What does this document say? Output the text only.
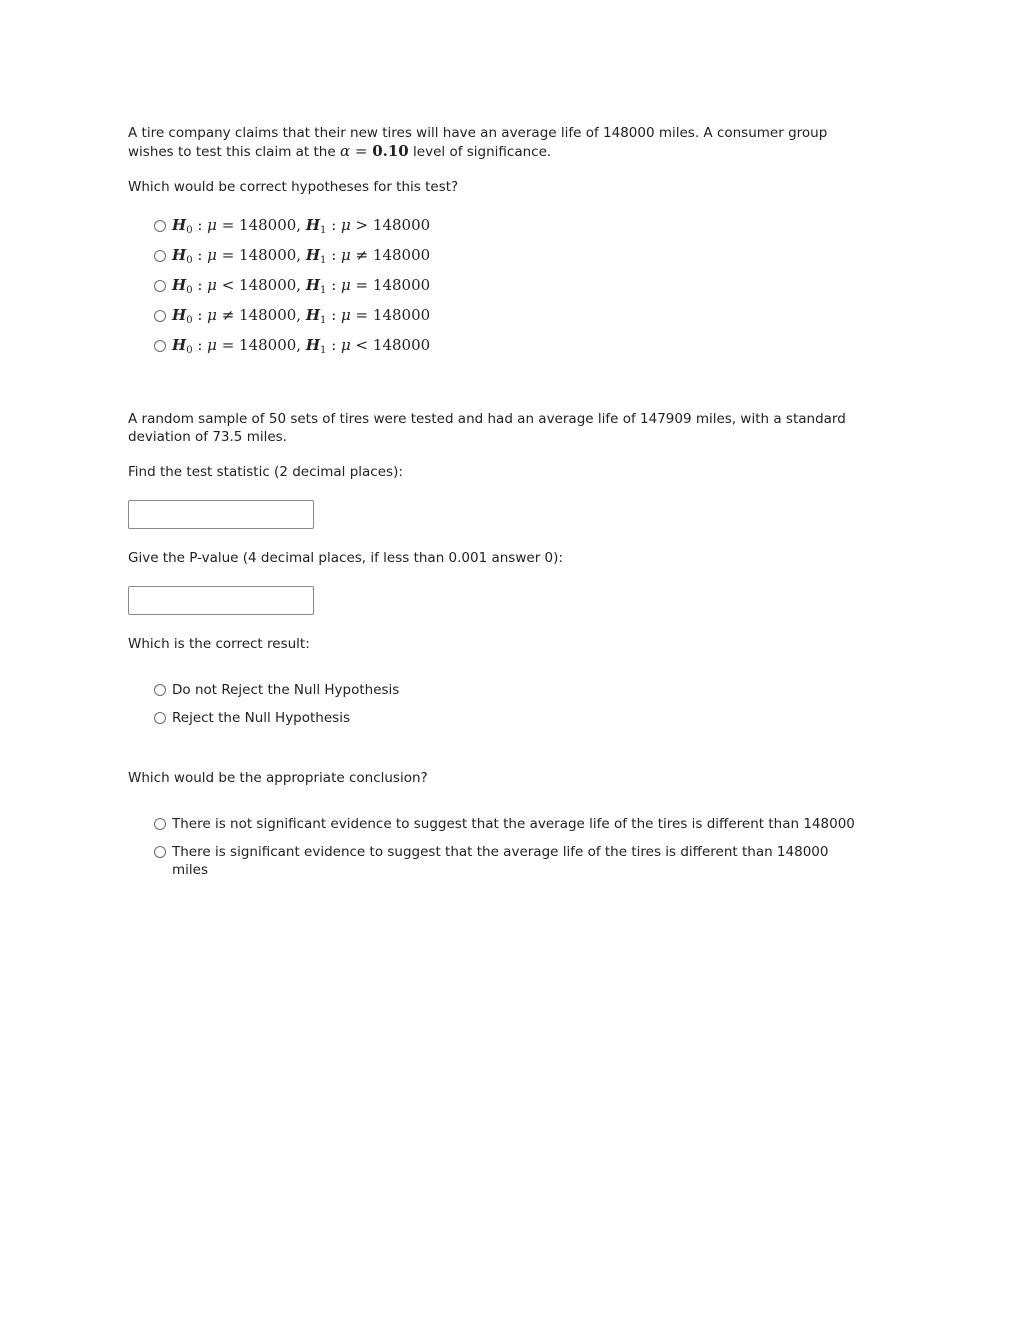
A tire company claims that their new tires will have an average life of 148000 miles. A consumer group wishes to test this claim at the α = 0.10 level of significance.

Which would be correct hypotheses for this test?

$H_0$ : μ = 148000, $H_1$ : μ > 148000
$H_0$ : μ = 148000, $H_1$ : μ ≠ 148000
$H_0$ : μ < 148000, $H_1$ : μ = 148000
$H_0$ : μ ≠ 148000, $H_1$ : μ = 148000
$H_0$ : μ = 148000, $H_1$ : μ < 148000

A random sample of 50 sets of tires were tested and had an average life of 147909 miles, with a standard deviation of 73.5 miles.

Find the test statistic (2 decimal places):

Give the P-value (4 decimal places, if less than 0.001 answer 0):

Which is the correct result:

Do not Reject the Null Hypothesis
Reject the Null Hypothesis

Which would be the appropriate conclusion?

There is not significant evidence to suggest that the average life of the tires is different than 148000
There is significant evidence to suggest that the average life of the tires is different than 148000 miles
